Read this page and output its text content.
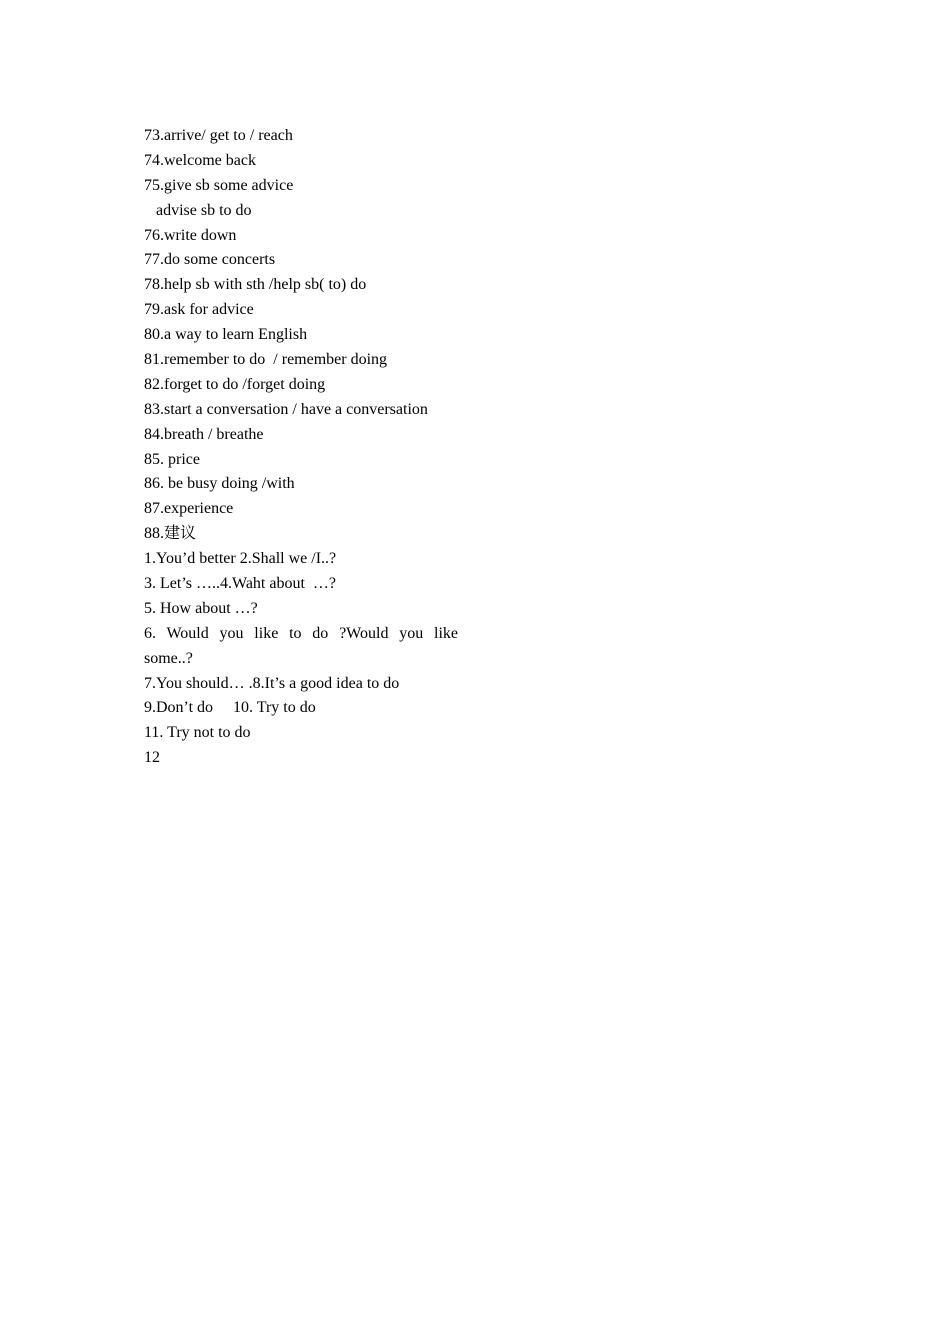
73.arrive/ get to / reach
74.welcome back
75.give sb some advice
advise sb to do
76.write down
77.do some concerts
78.help sb with sth /help sb( to) do
79.ask for advice
80.a way to learn English
81.remember to do  / remember doing
82.forget to do /forget doing
83.start a conversation / have a conversation
84.breath / breathe
85. price
86. be busy doing /with
87.experience
88.建议
1.You’d better 2.Shall we /I..?
3. Let’s …..4.Waht about  …?
5. How about …?
6. Would you like to do ?Would you like
some..?
7.You should… .8.It’s a good idea to do
9.Don’t do     10. Try to do
11. Try not to do
12
